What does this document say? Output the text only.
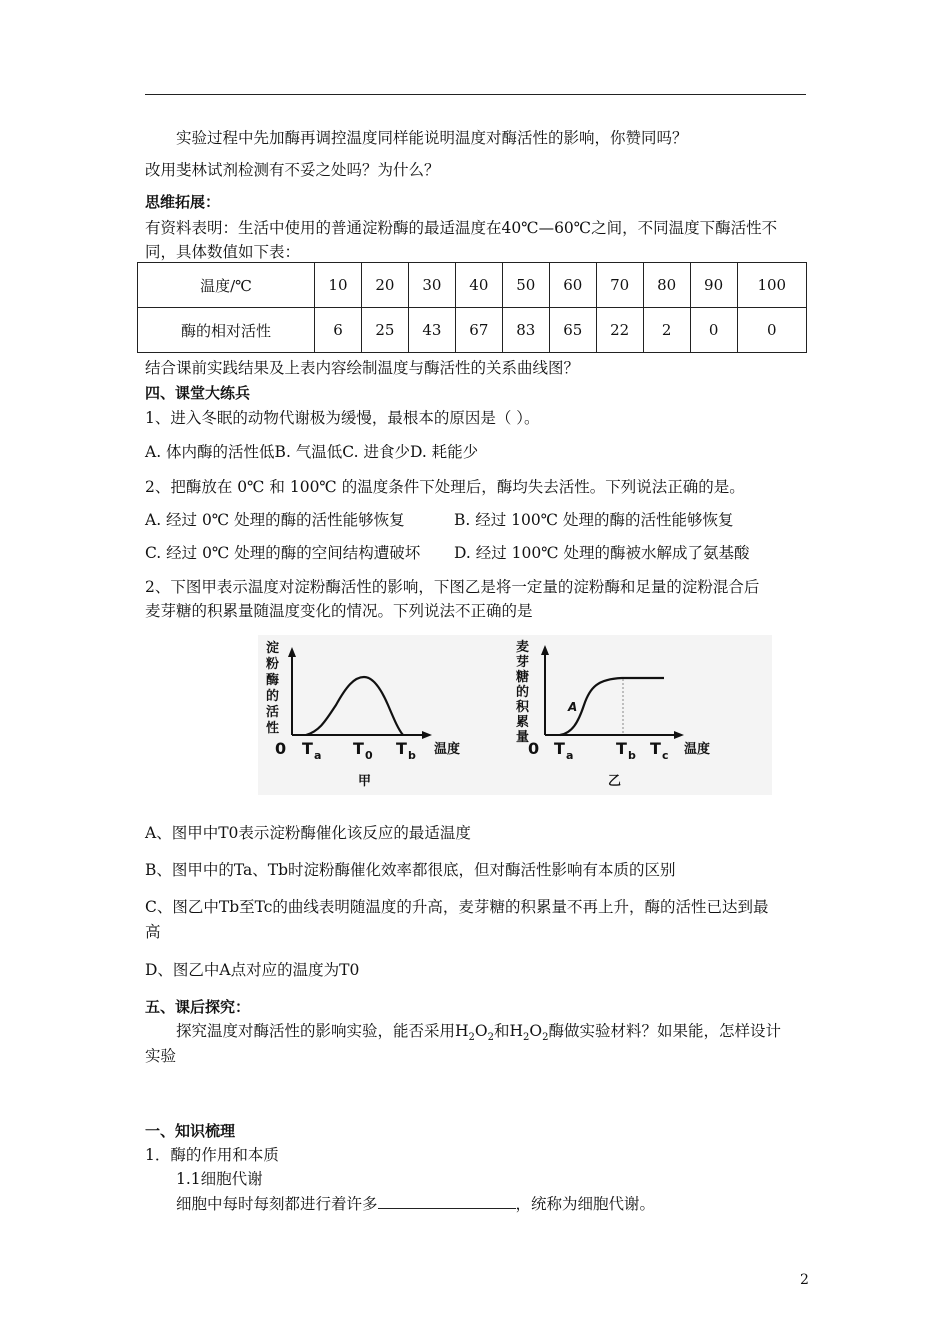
实验过程中先加酶再调控温度同样能说明温度对酶活性的影响，你赞同吗？
改用斐林试剂检测有不妥之处吗？为什么？
思维拓展：
有资料表明：生活中使用的普通淀粉酶的最适温度在40℃—60℃之间，不同温度下酶活性不
同，具体数值如下表：
温度/℃	10	20	30	40	50	60	70	80	90	100
酶的相对活性	6	25	43	67	83	65	22	2	0	0
结合课前实践结果及上表内容绘制温度与酶活性的关系曲线图？
四、课堂大练兵
1、进入冬眠的动物代谢极为缓慢，最根本的原因是（ ）。
A. 体内酶的活性低B. 气温低C. 进食少D. 耗能少
2、把酶放在 0℃ 和 100℃ 的温度条件下处理后，酶均失去活性。下列说法正确的是。
A. 经过 0℃ 处理的酶的活性能够恢复	B. 经过 100℃ 处理的酶的活性能够恢复
C. 经过 0℃ 处理的酶的空间结构遭破坏 D. 经过 100℃ 处理的酶被水解成了氨基酸
2、下图甲表示温度对淀粉酶活性的影响，下图乙是将一定量的淀粉酶和足量的淀粉混合后
麦芽糖的积累量随温度变化的情况。下列说法不正确的是
淀
粉
酶
的
活
性
0 T a T 0 T b 温度
甲
麦
芽
糖
的
积
累
量
A
0 T a	T b T c 温度
乙
A、图甲中T0表示淀粉酶催化该反应的最适温度
B、图甲中的Ta、Tb时淀粉酶催化效率都很底，但对酶活性影响有本质的区别
C、图乙中Tb至Tc的曲线表明随温度的升高，麦芽糖的积累量不再上升，酶的活性已达到最
高
D、图乙中A点对应的温度为T0
五、课后探究：
探究温度对酶活性的影响实验，能否采用$H_2O_2$和$H_2O_2$酶做实验材料？如果能，怎样设计
实验
一、知识梳理
1．酶的作用和本质
1.1细胞代谢
细胞中每时每刻都进行着许多	，统称为细胞代谢。
2
